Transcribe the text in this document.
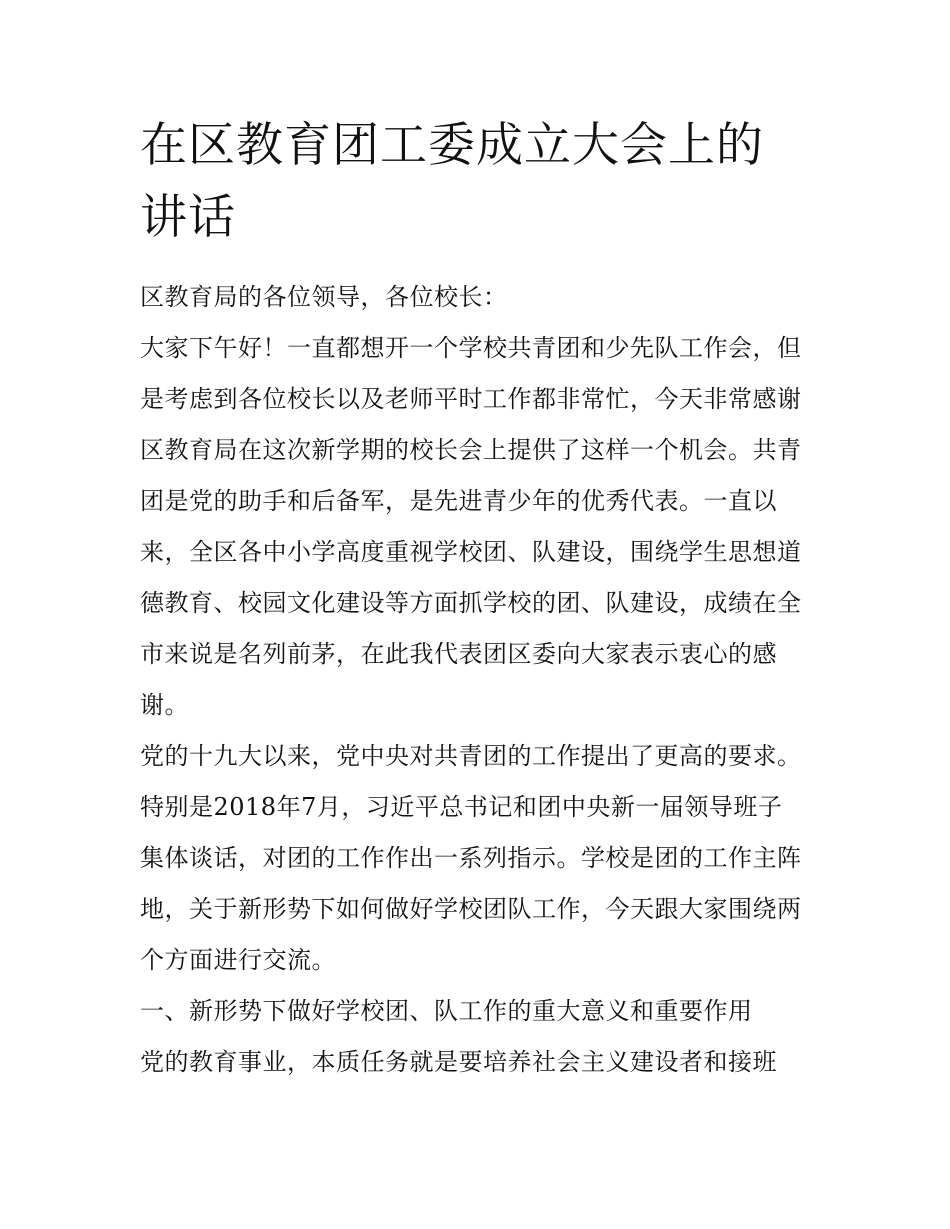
在区教育团工委成立大会上的
讲话
区教育局的各位领导，各位校长：
大家下午好！一直都想开一个学校共青团和少先队工作会，但
是考虑到各位校长以及老师平时工作都非常忙，今天非常感谢
区教育局在这次新学期的校长会上提供了这样一个机会。共青
团是党的助手和后备军，是先进青少年的优秀代表。一直以
来，全区各中小学高度重视学校团、队建设，围绕学生思想道
德教育、校园文化建设等方面抓学校的团、队建设，成绩在全
市来说是名列前茅，在此我代表团区委向大家表示衷心的感
谢。
党的十九大以来，党中央对共青团的工作提出了更高的要求。
特别是2018年7月，习近平总书记和团中央新一届领导班子
集体谈话，对团的工作作出一系列指示。学校是团的工作主阵
地，关于新形势下如何做好学校团队工作，今天跟大家围绕两
个方面进行交流。
一、新形势下做好学校团、队工作的重大意义和重要作用
党的教育事业，本质任务就是要培养社会主义建设者和接班
